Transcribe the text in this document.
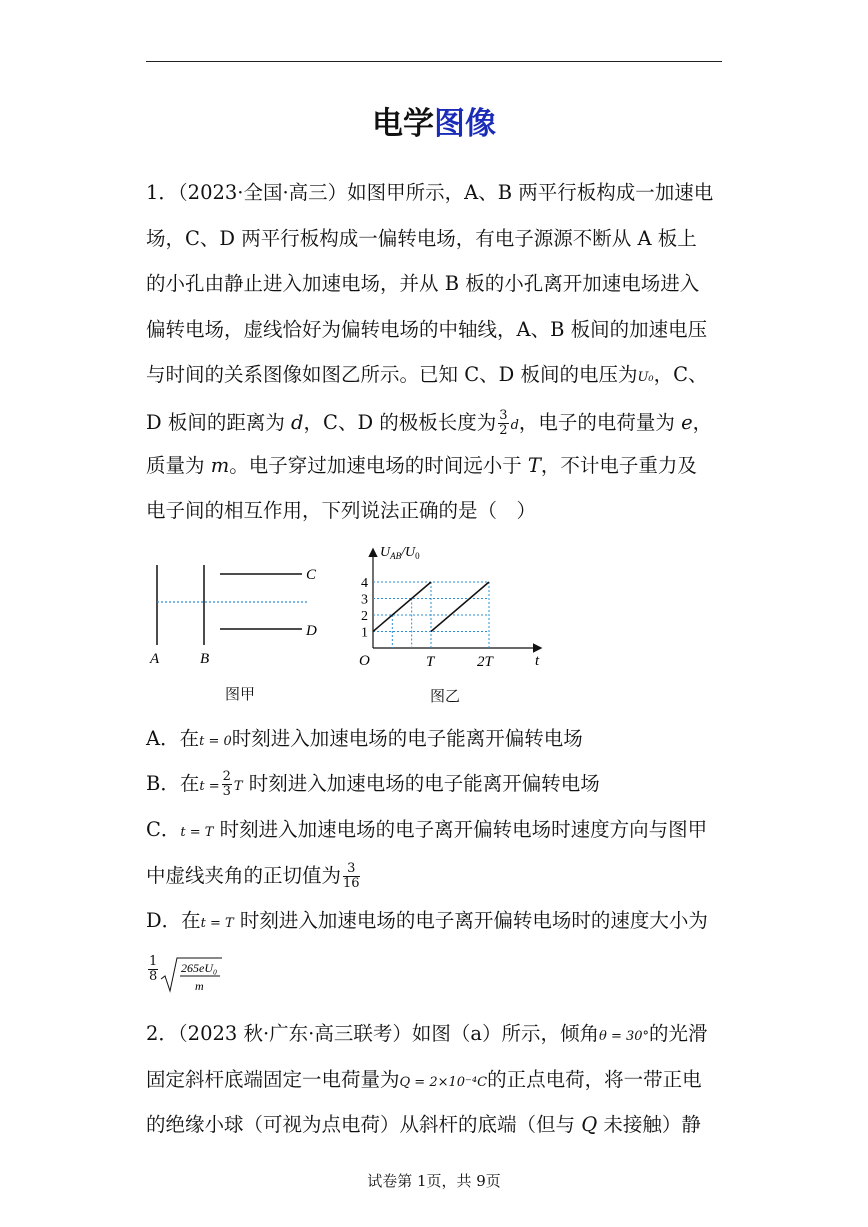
电学图像
1．（2023·全国·高三）如图甲所示，A、B 两平行板构成一加速电
场，C、D 两平行板构成一偏转电场，有电子源源不断从 A 板上
的小孔由静止进入加速电场，并从 B 板的小孔离开加速电场进入
偏转电场，虚线恰好为偏转电场的中轴线，A、B 板间的加速电压
与时间的关系图像如图乙所示。已知 C、D 板间的电压为U₀，C、
D 板间的距离为 d，C、D 的极板长度为 $\frac{3}{2}$ d，电子的电荷量为 e，
质量为 m。电子穿过加速电场的时间远小于 T，不计电子重力及
电子间的相互作用，下列说法正确的是（　）
A	B
C
D
图甲
$U_{AB}/U_0$
t
O
1
2
3
4
T	2T
图乙
A．在t = 0时刻进入加速电场的电子能离开偏转电场
B．在$t = \frac{2}{3}$ T 时刻进入加速电场的电子能离开偏转电场
C．t = T 时刻进入加速电场的电子离开偏转电场时速度方向与图甲
中虚线夹角的正切值为 $\frac{3}{16}$
D．在t = T 时刻进入加速电场的电子离开偏转电场时的速度大小为
$\frac{1}{8} 265eU_0$
m
2．（2023 秋·广东·高三联考）如图（a）所示，倾角θ = 30°的光滑
固定斜杆底端固定一电荷量为Q = 2×10⁻⁴C的正点电荷，将一带正电
的绝缘小球（可视为点电荷）从斜杆的底端（但与 Q 未接触）静
试卷第 1页，共 9页
